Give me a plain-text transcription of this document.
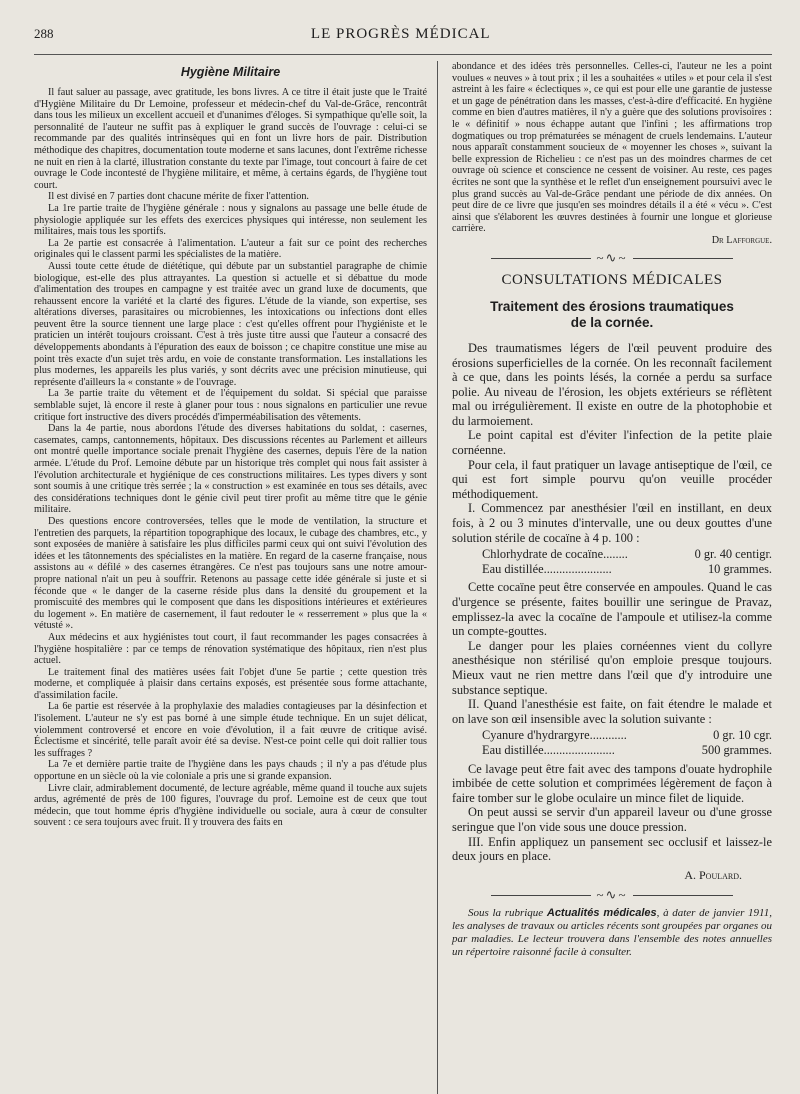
288	LE PROGRÈS MÉDICAL
Hygiène Militaire

Il faut saluer au passage, avec gratitude, les bons livres. A ce titre il était juste que le Traité d'Hygiène Militaire du Dr Lemoine, professeur et médecin-chef du Val-de-Grâce, rencontrât dans tous les milieux un excellent accueil et d'unanimes d'éloges. Si sympathique qu'elle soit, la personnalité de l'auteur ne suffit pas à expliquer le grand succès de l'ouvrage : celui-ci se recommande par des qualités intrinsèques qui en font un livre hors de pair. Distribution méthodique des chapitres, documentation toute moderne et sans lacunes, dont l'extrême richesse ne nuit en rien à la clarté, illustration constante du texte par l'image, tout concourt à faire de cet ouvrage le Code incontesté de l'hygiène militaire, et même, à certains égards, de l'hygiène tout court.

Il est divisé en 7 parties dont chacune mérite de fixer l'attention.

La 1re partie traite de l'hygiène générale : nous y signalons au passage une belle étude de physiologie appliquée sur les effets des exercices physiques qui intéresse, non seulement les militaires, mais tous les sportifs.

La 2e partie est consacrée à l'alimentation. L'auteur a fait sur ce point des recherches originales qui le classent parmi les spécialistes de la matière.

Aussi toute cette étude de diététique, qui débute par un substantiel paragraphe de chimie biologique, est-elle des plus attrayantes. La question si actuelle et si débattue du mode d'alimentation des troupes en campagne y est traitée avec un grand luxe de documents, que rehaussent encore la variété et la clarté des figures. L'étude de la viande, son expertise, ses altérations diverses, parasitaires ou microbiennes, les intoxications ou infections dont elles peuvent être la source tiennent une large place : c'est qu'elles offrent pour l'hygiéniste et le praticien un intérêt toujours croissant. C'est à très juste titre aussi que l'auteur a consacré des développements abondants à l'épuration des eaux de boisson ; ce chapitre constitue une mise au point très exacte d'un sujet très ardu, en voie de constante transformation. Les installations les plus modernes, les appareils les plus variés, y sont décrits avec une précision minutieuse, qui représente d'ailleurs la « constante » de l'ouvrage.

La 3e partie traite du vêtement et de l'équipement du soldat. Si spécial que paraisse semblable sujet, là encore il reste à glaner pour tous : nous signalons en particulier une revue critique fort instructive des divers procédés d'imperméabilisation des vêtements.

Dans la 4e partie, nous abordons l'étude des diverses habitations du soldat, : casernes, casemates, camps, cantonnements, hôpitaux. Des discussions récentes au Parlement et ailleurs ont montré quelle importance sociale prenait l'hygiène des casernes, depuis l'ère de la nation armée. L'étude du Prof. Lemoine débute par un historique très complet qui nous fait assister à l'évolution architecturale et hygiénique de ces constructions militaires. Les types divers y sont sont soumis à une critique très serrée ; la « construction » est examinée en tous ses détails, avec des considérations techniques dont le génie civil peut tirer profit au même titre que le génie militaire.

Des questions encore controversées, telles que le mode de ventilation, la structure et l'entretien des parquets, la répartition topographique des locaux, le cubage des chambres, etc., y sont exposées de manière à satisfaire les plus difficiles parmi ceux qui ont suivi l'évolution des idées et les tâtonnements des spécialistes en la matière. En regard de la caserne française, nous assistons au « défilé » des casernes étrangères. Ce n'est pas toujours sans une notre amour-propre national n'ait un peu à souffrir. Retenons au passage cette idée générale si juste et si féconde que « le danger de la caserne réside plus dans la densité du groupement et la promiscuité des membres qui le composent que dans les dispositions intérieures et extérieures du logement ». En matière de casernement, il faut redouter le « resserrement » plus que la « vétusté ».

Aux médecins et aux hygiénistes tout court, il faut recommander les pages consacrées à l'hygiène hospitalière : par ce temps de rénovation systématique des hôpitaux, rien n'est plus actuel.

Le traitement final des matières usées fait l'objet d'une 5e partie ; cette question très moderne, et compliquée à plaisir dans certains exposés, est présentée sous forme attachante, d'assimilation facile.

La 6e partie est réservée à la prophylaxie des maladies contagieuses par la désinfection et l'isolement. L'auteur ne s'y est pas borné à une simple étude technique. En un sujet délicat, violemment controversé et encore en voie d'évolution, il a fait œuvre de critique avisé. Éclectisme et sincérité, telle paraît avoir été sa devise. N'est-ce point celle qui doit rallier tous les suffrages ?

La 7e et dernière partie traite de l'hygiène dans les pays chauds ; il n'y a pas d'étude plus opportune en un siècle où la vie coloniale a pris une si grande expansion.

Livre clair, admirablement documenté, de lecture agréable, même quand il touche aux sujets ardus, agrémenté de près de 100 figures, l'ouvrage du prof. Lemoine est de ceux que tout médecin, que tout homme épris d'hygiène individuelle ou sociale, aura à cœur de consulter souvent : ce sera toujours avec fruit. Il y trouvera des faits en

abondance et des idées très personnelles. Celles-ci, l'auteur ne les a point voulues « neuves » à tout prix ; il les a souhaitées « utiles » et pour cela il s'est astreint à les faire « éclectiques », ce qui est pour elle une garantie de justesse et un gage de pénétration dans les masses, c'est-à-dire d'efficacité. En hygiène comme en bien d'autres matières, il n'y a guère que des solutions provisoires : le « définitif » nous échappe autant que l'infini ; les affirmations trop dogmatiques ou trop prématurées se ménagent de cruels lendemains. L'auteur nous apparaît constamment soucieux de « moyenner les choses », suivant la belle expression de Richelieu : ce n'est pas un des moindres charmes de cet ouvrage où science et conscience ne cessent de voisiner. Au reste, ces pages écrites ne sont que la synthèse et le reflet d'un enseignement poursuivi avec le plus grand succès au Val-de-Grâce pendant une période de dix années. On peut dire de ce livre que jusqu'en ses moindres détails il a été « vécu ». C'est ainsi que s'élaborent les œuvres destinées à fournir une longue et glorieuse carrière.

Dr Lafforgue.

~∿~
CONSULTATIONS MÉDICALES
Traitement des érosions traumatiques
de la cornée.

Des traumatismes légers de l'œil peuvent produire des érosions superficielles de la cornée. On les reconnaît facilement à ce que, dans les points lésés, la cornée a perdu sa surface polie. Au niveau de l'érosion, les objets extérieurs se réflètent mal ou irrégulièrement. Il existe en outre de la photophobie et du larmoiement.

Le point capital est d'éviter l'infection de la petite plaie cornéenne.

Pour cela, il faut pratiquer un lavage antiseptique de l'œil, ce qui est fort simple pourvu qu'on veuille procéder méthodiquement.

I. Commencez par anesthésier l'œil en instillant, en deux fois, à 2 ou 3 minutes d'intervalle, une ou deux gouttes d'une solution stérile de cocaïne à 4 p. 100 :

Chlorhydrate de cocaïne........	0 gr. 40 centigr.
Eau distillée......................	10 grammes.

Cette cocaïne peut être conservée en ampoules. Quand le cas d'urgence se présente, faites bouillir une seringue de Pravaz, emplissez-la avec la cocaïne de l'ampoule et utilisez-la comme un compte-gouttes.

Le danger pour les plaies cornéennes vient du collyre anesthésique non stérilisé qu'on emploie presque toujours. Mieux vaut ne rien mettre dans l'œil que d'y introduire une substance septique.

II. Quand l'anesthésie est faite, on fait étendre le malade et on lave son œil insensible avec la solution suivante :

Cyanure d'hydrargyre............	0 gr. 10 cgr.
Eau distillée.......................	500 grammes.

Ce lavage peut être fait avec des tampons d'ouate hydrophile imbibée de cette solution et comprimées légèrement de façon à faire tomber sur le globe oculaire un mince filet de liquide.

On peut aussi se servir d'un appareil laveur ou d'une grosse seringue que l'on vide sous une douce pression.

III. Enfin appliquez un pansement sec occlusif et laissez-le deux jours en place.

A. Poulard.

~∿~

Sous la rubrique Actualités médicales, à dater de janvier 1911, les analyses de travaux ou articles récents sont groupées par organes ou par maladies. Le lecteur trouvera dans l'ensemble des notes annuelles un répertoire raisonné facile à consulter.
